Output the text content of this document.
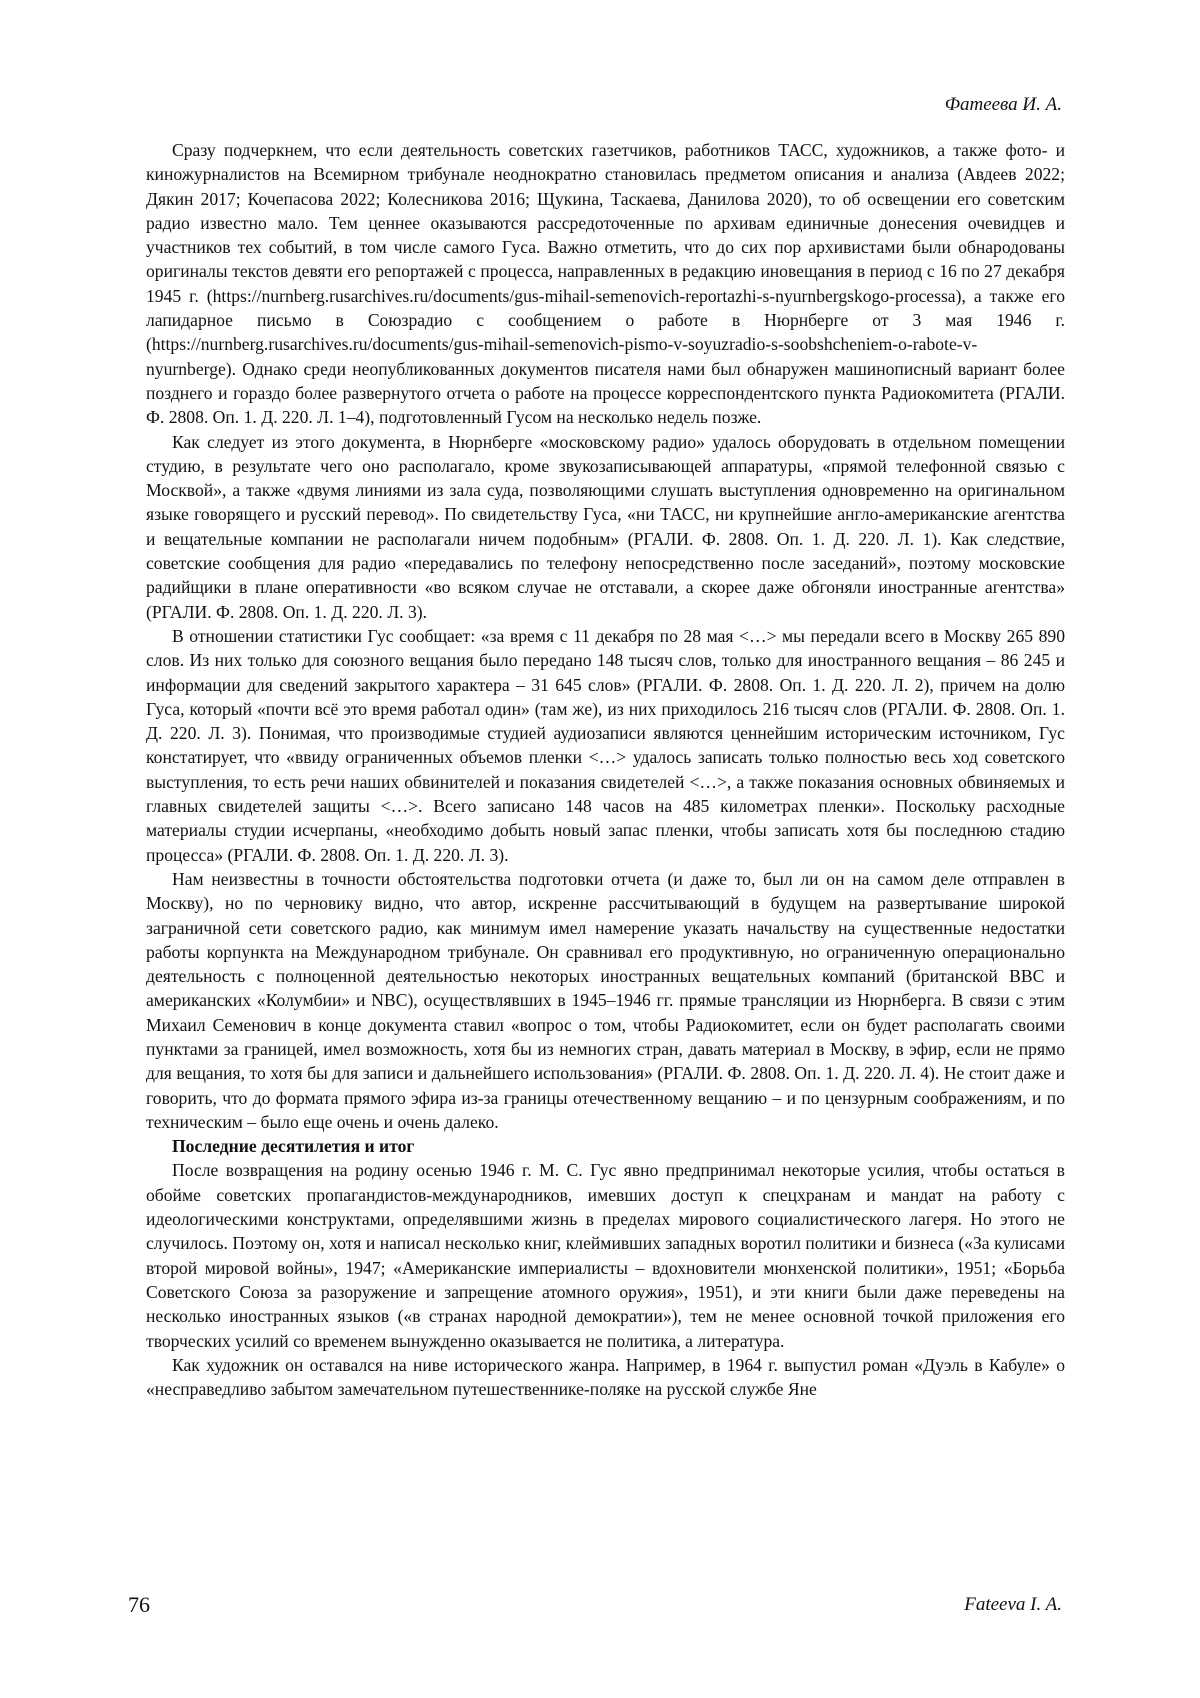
Фатеева И. А.

Сразу подчеркнем, что если деятельность советских газетчиков, работников ТАСС, художников, а также фото- и киножурналистов на Всемирном трибунале неоднократно становилась предметом описания и анализа (Авдеев 2022; Дякин 2017; Кочепасова 2022; Колесникова 2016; Щукина, Таскаева, Данилова 2020), то об освещении его советским радио известно мало. Тем ценнее оказываются рассредоточенные по архивам единичные донесения очевидцев и участников тех событий, в том числе самого Гуса. Важно отметить, что до сих пор архивистами были обнародованы оригиналы текстов девяти его репортажей с процесса, направленных в редакцию иновещания в период с 16 по 27 декабря 1945 г. (https://nurnberg.rusarchives.ru/documents/gus-mihail-semenovich-reportazhi-s-nyurnbergskogo-processa), а также его лапидарное письмо в Союзрадио с сообщением о работе в Нюрнберге от 3 мая 1946 г. (https://nurnberg.rusarchives.ru/documents/gus-mihail-semenovich-pismo-v-soyuzradio-s-soobshcheniem-o-rabote-v-nyurnberge). Однако среди неопубликованных документов писателя нами был обнаружен машинописный вариант более позднего и гораздо более развернутого отчета о работе на процессе корреспондентского пункта Радиокомитета (РГАЛИ. Ф. 2808. Оп. 1. Д. 220. Л. 1–4), подготовленный Гусом на несколько недель позже.

Как следует из этого документа, в Нюрнберге «московскому радио» удалось оборудовать в отдельном помещении студию, в результате чего оно располагало, кроме звукозаписывающей аппаратуры, «прямой телефонной связью с Москвой», а также «двумя линиями из зала суда, позволяющими слушать выступления одновременно на оригинальном языке говорящего и русский перевод». По свидетельству Гуса, «ни ТАСС, ни крупнейшие англо-американские агентства и вещательные компании не располагали ничем подобным» (РГАЛИ. Ф. 2808. Оп. 1. Д. 220. Л. 1). Как следствие, советские сообщения для радио «передавались по телефону непосредственно после заседаний», поэтому московские радийщики в плане оперативности «во всяком случае не отставали, а скорее даже обгоняли иностранные агентства» (РГАЛИ. Ф. 2808. Оп. 1. Д. 220. Л. 3).

В отношении статистики Гус сообщает: «за время с 11 декабря по 28 мая <…> мы передали всего в Москву 265 890 слов. Из них только для союзного вещания было передано 148 тысяч слов, только для иностранного вещания – 86 245 и информации для сведений закрытого характера – 31 645 слов» (РГАЛИ. Ф. 2808. Оп. 1. Д. 220. Л. 2), причем на долю Гуса, который «почти всё это время работал один» (там же), из них приходилось 216 тысяч слов (РГАЛИ. Ф. 2808. Оп. 1. Д. 220. Л. 3). Понимая, что производимые студией аудиозаписи являются ценнейшим историческим источником, Гус констатирует, что «ввиду ограниченных объемов пленки <…> удалось записать только полностью весь ход советского выступления, то есть речи наших обвинителей и показания свидетелей <…>, а также показания основных обвиняемых и главных свидетелей защиты <…>. Всего записано 148 часов на 485 километрах пленки». Поскольку расходные материалы студии исчерпаны, «необходимо добыть новый запас пленки, чтобы записать хотя бы последнюю стадию процесса» (РГАЛИ. Ф. 2808. Оп. 1. Д. 220. Л. 3).

Нам неизвестны в точности обстоятельства подготовки отчета (и даже то, был ли он на самом деле отправлен в Москву), но по черновику видно, что автор, искренне рассчитывающий в будущем на развертывание широкой заграничной сети советского радио, как минимум имел намерение указать начальству на существенные недостатки работы корпункта на Международном трибунале. Он сравнивал его продуктивную, но ограниченную операционально деятельность с полноценной деятельностью некоторых иностранных вещательных компаний (британской BBC и американских «Колумбии» и NBC), осуществлявших в 1945–1946 гг. прямые трансляции из Нюрнберга. В связи с этим Михаил Семенович в конце документа ставил «вопрос о том, чтобы Радиокомитет, если он будет располагать своими пунктами за границей, имел возможность, хотя бы из немногих стран, давать материал в Москву, в эфир, если не прямо для вещания, то хотя бы для записи и дальнейшего использования» (РГАЛИ. Ф. 2808. Оп. 1. Д. 220. Л. 4). Не стоит даже и говорить, что до формата прямого эфира из-за границы отечественному вещанию – и по цензурным соображениям, и по техническим – было еще очень и очень далеко.

Последние десятилетия и итог

После возвращения на родину осенью 1946 г. М. С. Гус явно предпринимал некоторые усилия, чтобы остаться в обойме советских пропагандистов-международников, имевших доступ к спецхранам и мандат на работу с идеологическими конструктами, определявшими жизнь в пределах мирового социалистического лагеря. Но этого не случилось. Поэтому он, хотя и написал несколько книг, клеймивших западных воротил политики и бизнеса («За кулисами второй мировой войны», 1947; «Американские империалисты – вдохновители мюнхенской политики», 1951; «Борьба Советского Союза за разоружение и запрещение атомного оружия», 1951), и эти книги были даже переведены на несколько иностранных языков («в странах народной демократии»), тем не менее основной точкой приложения его творческих усилий со временем вынужденно оказывается не политика, а литература.

Как художник он оставался на ниве исторического жанра. Например, в 1964 г. выпустил роман «Дуэль в Кабуле» о «несправедливо забытом замечательном путешественнике-поляке на русской службе Яне

76	Fateeva I. A.
